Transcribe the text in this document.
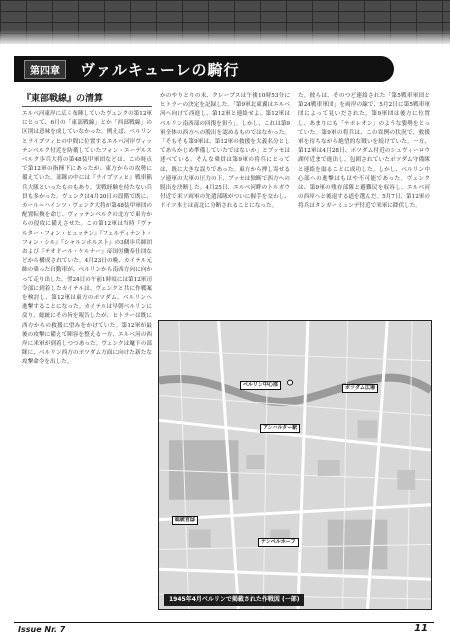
第四章	ヴァルキューレの騎行
『東部戦線』の清算

エルベ河東岸に広く布陣していたヴェンクの第12軍にとって、6月の「東部戦線」とか「西部戦線」の区別は意味を成していなかった。例えば、ベルリンとライプツィヒの中間に位置するエルベ河岸ヴィッテンベルク付近を防衛していたフォン・エーデルスベルク歩兵大将の第48装甲軍団などは、この時点で第12軍の指揮下にあったが、東方からの攻勢に備えていた。部隊の中には『ライプツィヒ』戦車猟兵大隊といったものもあり、実戦経験を持たない兵員も多かった。ヴェンクは4月20日の段階で既に、カール＝ハインツ・ヴェンク大将が第48装甲軍団の配置転換を命じ、ヴィッテンベルクの北方で東方からの侵攻に備えさせた。この第12軍は当時『ヴァルター・フォン・ヒュッテン』『フェルディナント・フォン・シル』『シャルンホルスト』の3個歩兵師団および『テオドール・ケルナー』帝国労働奉仕団などから構成されていた。4月23日の晩、カイテル元帥の乗った自動車が、ベルリンから南西方向に向かって走り出した。翌24日の午前1時頃には第12軍司令部に到着したカイテルは、ヴェンクと共に作戦案を検討し、第12軍は東方のポツダム、ベルリンへ進撃することになった。カイテルは早朝ベルリンに戻り、総統にその旨を報告したが、ヒトラーは既に西方からの救援に望みをかけていた。第12軍が最後の攻撃に備えて陣容を整える一方、エルベ河の西岸に米軍が到着しつつあった。ヴェンクは麾下の部隊に、ベルリン西方のポツダム方面に向けた新たな攻撃命令を出した。

かのやりとりの末、クレープスは午後10時53分にヒトラーの決定を記録した。「第9軍北東翼はエルベ河へ向けて西進し、第12軍と連絡せよ。第12軍はベルリン南西部の回復を狙う」。しかし、これは第9軍全体の西方への脱出を認めるものではなかった。「そもそも第9軍は、第12軍の救援を大義名分としてあらかじめ準備していたではないか」とブッセは述べている。そんな乗員は第9軍の将兵にとっては、既に大きな誤りであった。東方から押し寄せるソ連軍の大軍の圧力の下、ブッセは独断で西方への脱出を決断した。4月25日、エルベ河畔のトルガウ付近で米ソ両軍の先遣部隊がついに握手を交わし、ドイツ本土は南北に分断されることになった。

た。彼らは、そのつど連絡された「第5戦車軍団と第24戦車軍団」を両岸の線で、5月2日に第5戦車軍団によって見いだされた。第9軍団は後方に位置し、あまりにも「ナポレオン」のような姿勢をとっていた。第9軍の将兵は、この異例の状況で、救援軍を待ちながら絶望的な戦いを続けていた。一方、第12軍は4月28日、ポツダム付近のシュヴィーロウ湖付近まで進出し、包囲されていたポツダム守備隊と連絡を取ることに成功した。しかし、ベルリン中心部への進撃はもはや不可能であった。ヴェンクは、第9軍の残存部隊と避難民を収容し、エルベ河の西岸へと後退する道を選んだ。5月7日、第12軍の将兵はタンガーミュンデ付近で米軍に降伏した。

ベルリン中心部	ポツダム広場
アンハルター駅
総統官邸
テンペルホーフ
1945年4月ベルリンで掲載された作戦図 (一部)
Issue Nr. 7	11
